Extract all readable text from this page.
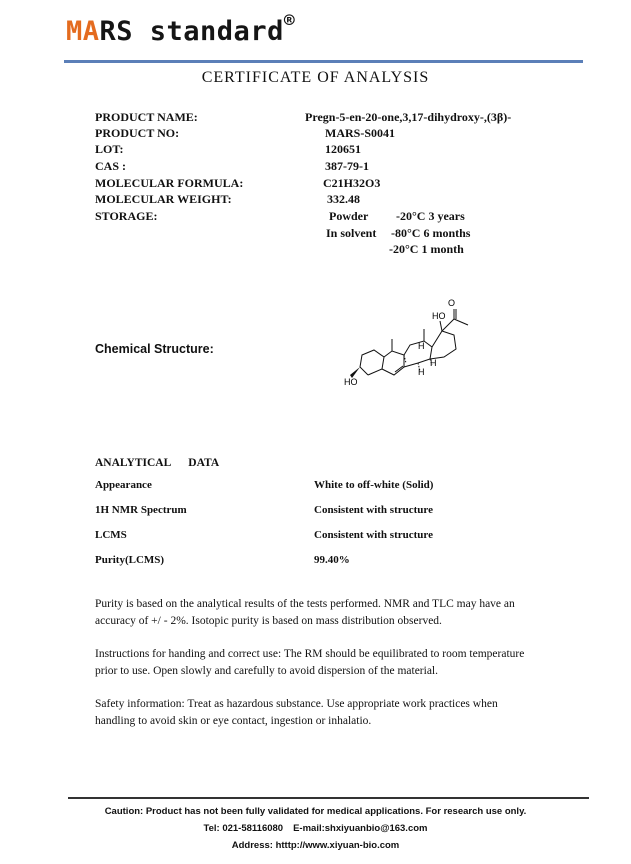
MARS standard®
CERTIFICATE OF ANALYSIS
PRODUCT NAME:	Pregn-5-en-20-one,3,17-dihydroxy-,(3β)-
PRODUCT NO:	MARS-S0041
LOT:	120651
CAS :	387-79-1
MOLECULAR FORMULA:	C21H32O3
MOLECULAR WEIGHT:	332.48
STORAGE:	Powder -20°C 3 years
In solvent -80°C 6 months
-20°C 1 month
Chemical Structure:
O
HO
HO
H
H
H
ANALYTICAL DATA
Appearance	White to off-white (Solid)
1H NMR Spectrum	Consistent with structure
LCMS	Consistent with structure
Purity(LCMS)	99.40%
Purity is based on the analytical results of the tests performed. NMR and TLC may have an
accuracy of +/ - 2%. Isotopic purity is based on mass distribution observed.
Instructions for handing and correct use: The RM should be equilibrated to room temperature
prior to use. Open slowly and carefully to avoid dispersion of the material.
Safety information: Treat as hazardous substance. Use appropriate work practices when
handling to avoid skin or eye contact, ingestion or inhalatio.
Caution: Product has not been fully validated for medical applications. For research use only.
Tel: 021-58116080 E-mail:shxiyuanbio@163.com
Address: htttp://www.xiyuan-bio.com
